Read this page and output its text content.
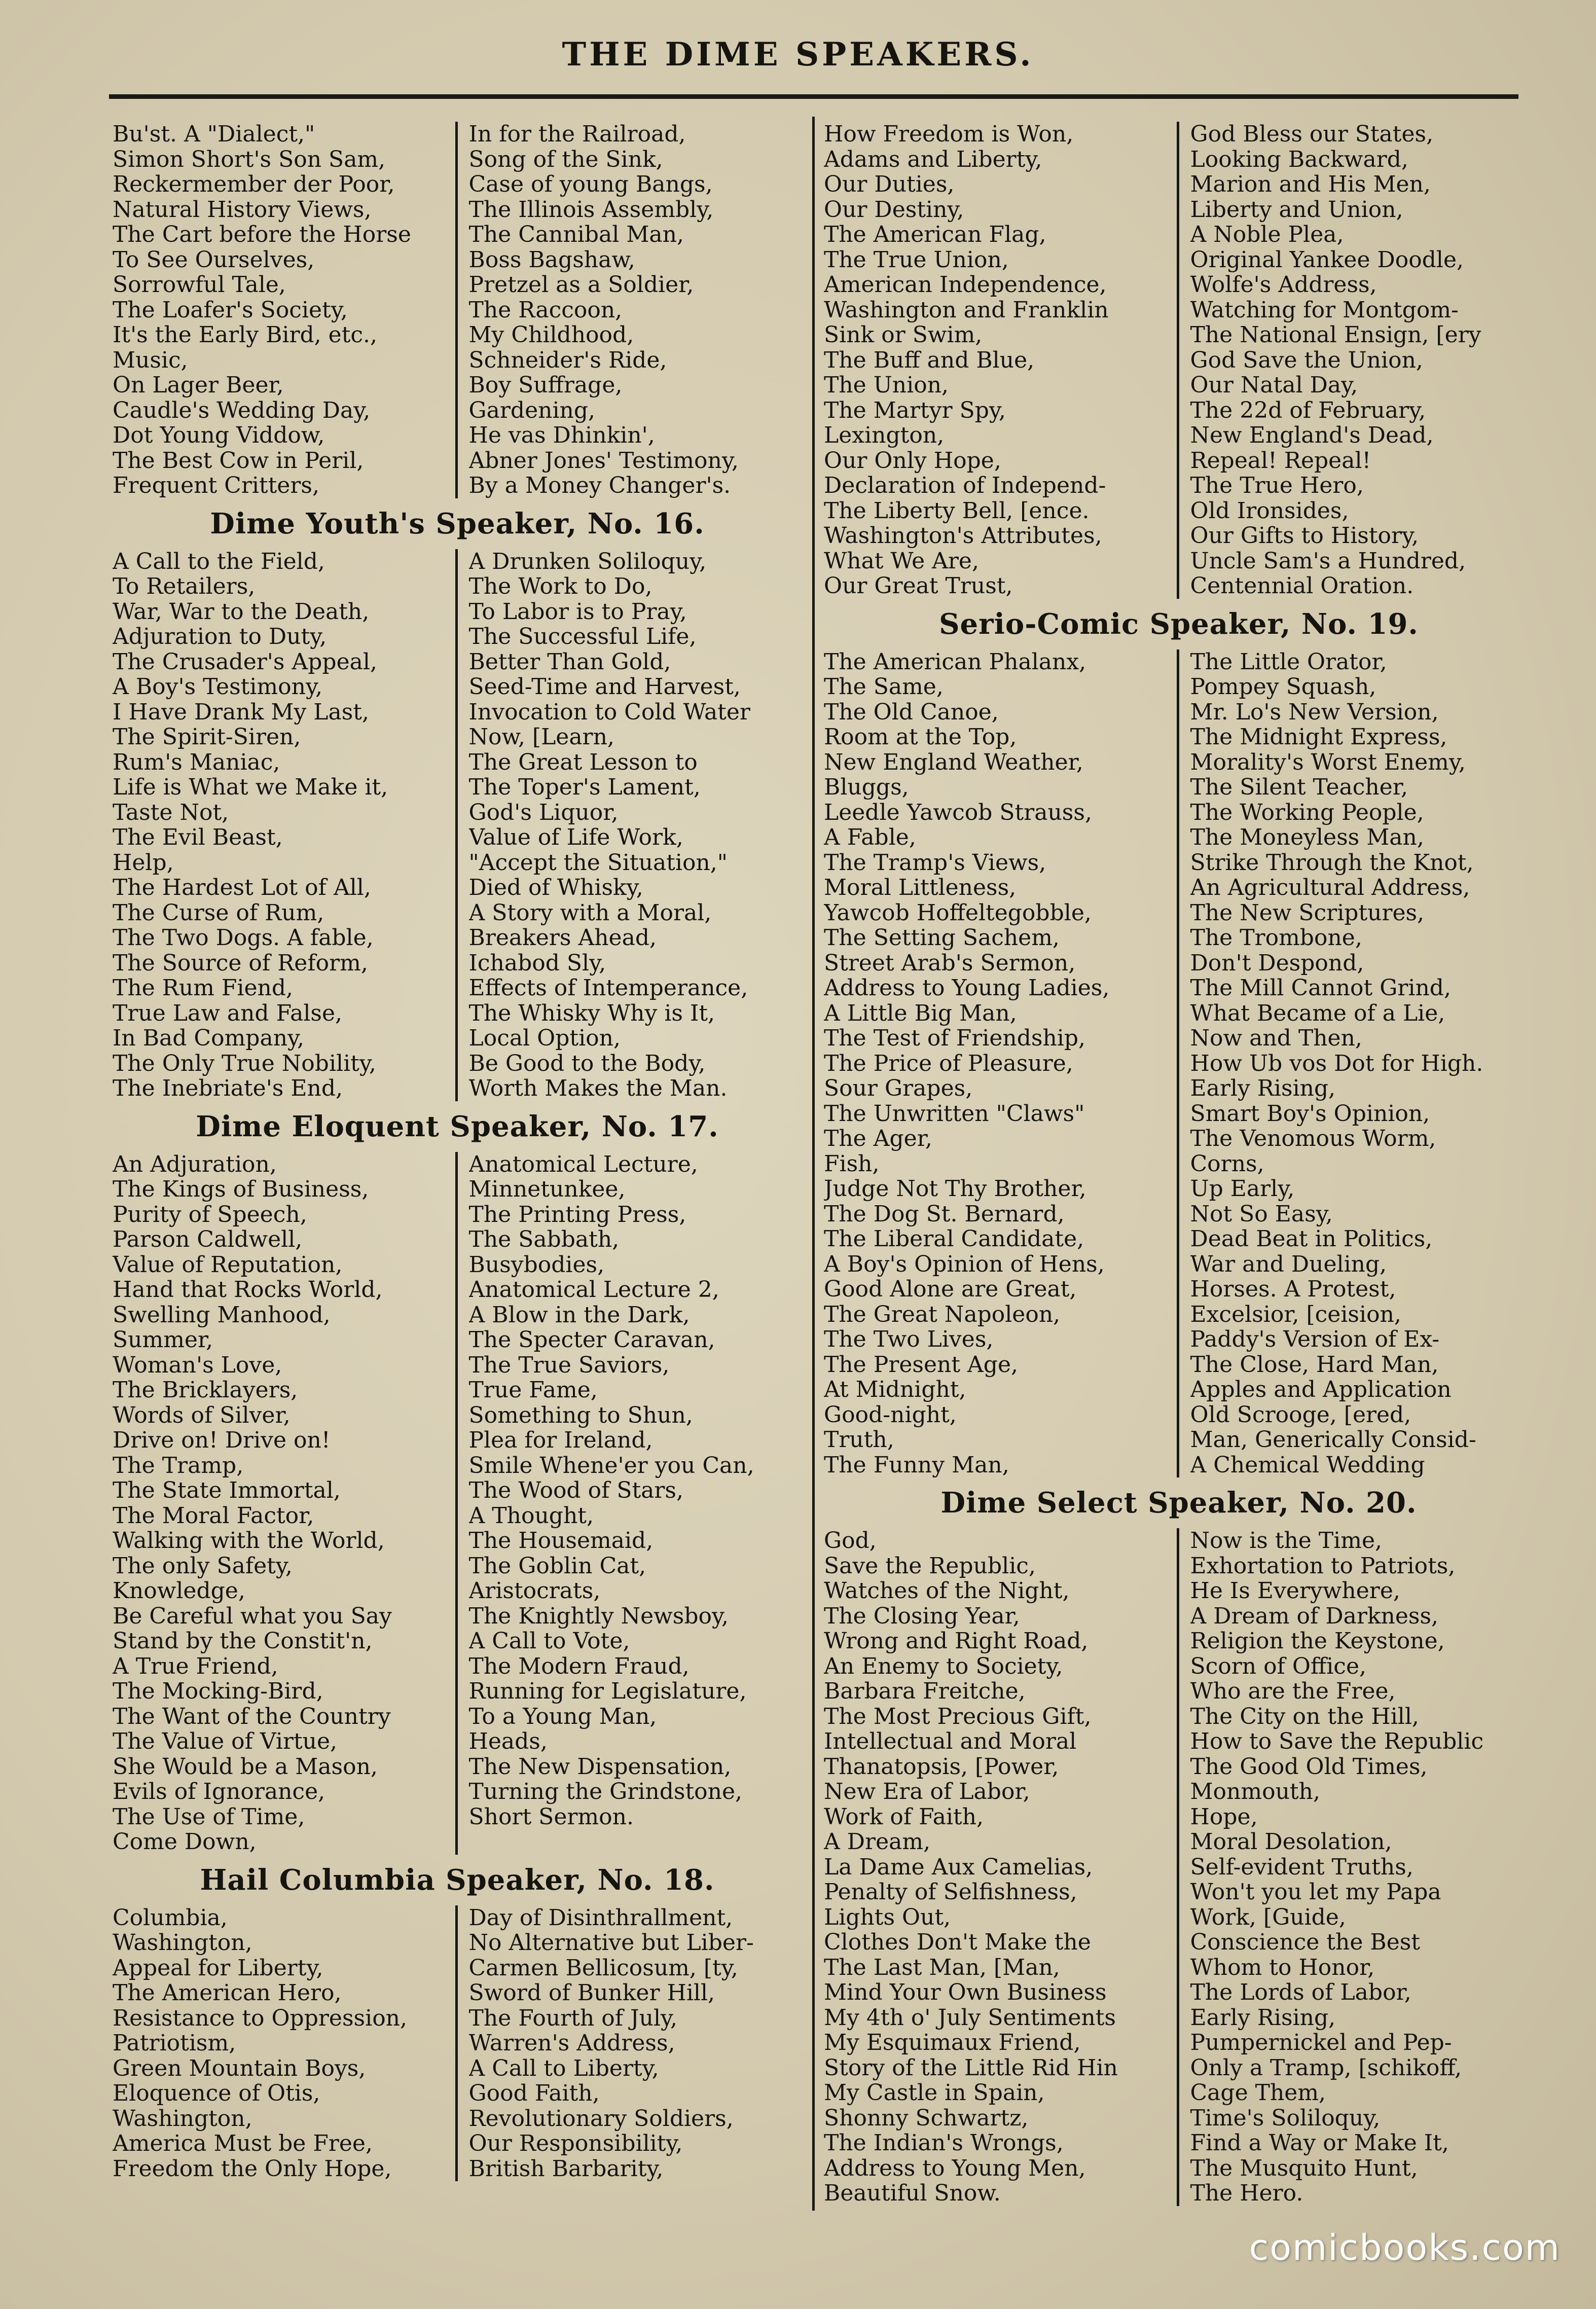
THE DIME SPEAKERS.
Bu'st. A "Dialect,"
Simon Short's Son Sam,
Reckermember der Poor,
Natural History Views,
The Cart before the Horse
To See Ourselves,
Sorrowful Tale,
The Loafer's Society,
It's the Early Bird, etc.,
Music,
On Lager Beer,
Caudle's Wedding Day,
Dot Young Viddow,
The Best Cow in Peril,
Frequent Critters,
In for the Railroad,
Song of the Sink,
Case of young Bangs,
The Illinois Assembly,
The Cannibal Man,
Boss Bagshaw,
Pretzel as a Soldier,
The Raccoon,
My Childhood,
Schneider's Ride,
Boy Suffrage,
Gardening,
He vas Dhinkin',
Abner Jones' Testimony,
By a Money Changer's.
Dime Youth's Speaker, No. 16.
A Call to the Field,
To Retailers,
War, War to the Death,
Adjuration to Duty,
The Crusader's Appeal,
A Boy's Testimony,
I Have Drank My Last,
The Spirit-Siren,
Rum's Maniac,
Life is What we Make it,
Taste Not,
The Evil Beast,
Help,
The Hardest Lot of All,
The Curse of Rum,
The Two Dogs. A fable,
The Source of Reform,
The Rum Fiend,
True Law and False,
In Bad Company,
The Only True Nobility,
The Inebriate's End,
A Drunken Soliloquy,
The Work to Do,
To Labor is to Pray,
The Successful Life,
Better Than Gold,
Seed-Time and Harvest,
Invocation to Cold Water
Now, [Learn,
The Great Lesson to
The Toper's Lament,
God's Liquor,
Value of Life Work,
"Accept the Situation,"
Died of Whisky,
A Story with a Moral,
Breakers Ahead,
Ichabod Sly,
Effects of Intemperance,
The Whisky Why is It,
Local Option,
Be Good to the Body,
Worth Makes the Man.
Dime Eloquent Speaker, No. 17.
An Adjuration,
The Kings of Business,
Purity of Speech,
Parson Caldwell,
Value of Reputation,
Hand that Rocks World,
Swelling Manhood,
Summer,
Woman's Love,
The Bricklayers,
Words of Silver,
Drive on! Drive on!
The Tramp,
The State Immortal,
The Moral Factor,
Walking with the World,
The only Safety,
Knowledge,
Be Careful what you Say
Stand by the Constit'n,
A True Friend,
The Mocking-Bird,
The Want of the Country
The Value of Virtue,
She Would be a Mason,
Evils of Ignorance,
The Use of Time,
Come Down,
Anatomical Lecture,
Minnetunkee,
The Printing Press,
The Sabbath,
Busybodies,
Anatomical Lecture 2,
A Blow in the Dark,
The Specter Caravan,
The True Saviors,
True Fame,
Something to Shun,
Plea for Ireland,
Smile Whene'er you Can,
The Wood of Stars,
A Thought,
The Housemaid,
The Goblin Cat,
Aristocrats,
The Knightly Newsboy,
A Call to Vote,
The Modern Fraud,
Running for Legislature,
To a Young Man,
Heads,
The New Dispensation,
Turning the Grindstone,
Short Sermon.
Hail Columbia Speaker, No. 18.
Columbia,
Washington,
Appeal for Liberty,
The American Hero,
Resistance to Oppression,
Patriotism,
Green Mountain Boys,
Eloquence of Otis,
Washington,
America Must be Free,
Freedom the Only Hope,
Day of Disinthrallment,
No Alternative but Liber-
Carmen Bellicosum, [ty,
Sword of Bunker Hill,
The Fourth of July,
Warren's Address,
A Call to Liberty,
Good Faith,
Revolutionary Soldiers,
Our Responsibility,
British Barbarity,
How Freedom is Won,
Adams and Liberty,
Our Duties,
Our Destiny,
The American Flag,
The True Union,
American Independence,
Washington and Franklin
Sink or Swim,
The Buff and Blue,
The Union,
The Martyr Spy,
Lexington,
Our Only Hope,
Declaration of Independ-
The Liberty Bell, [ence.
Washington's Attributes,
What We Are,
Our Great Trust,
God Bless our States,
Looking Backward,
Marion and His Men,
Liberty and Union,
A Noble Plea,
Original Yankee Doodle,
Wolfe's Address,
Watching for Montgom-
The National Ensign, [ery
God Save the Union,
Our Natal Day,
The 22d of February,
New England's Dead,
Repeal! Repeal!
The True Hero,
Old Ironsides,
Our Gifts to History,
Uncle Sam's a Hundred,
Centennial Oration.
Serio-Comic Speaker, No. 19.
The American Phalanx,
The Same,
The Old Canoe,
Room at the Top,
New England Weather,
Bluggs,
Leedle Yawcob Strauss,
A Fable,
The Tramp's Views,
Moral Littleness,
Yawcob Hoffeltegobble,
The Setting Sachem,
Street Arab's Sermon,
Address to Young Ladies,
A Little Big Man,
The Test of Friendship,
The Price of Pleasure,
Sour Grapes,
The Unwritten "Claws"
The Ager,
Fish,
Judge Not Thy Brother,
The Dog St. Bernard,
The Liberal Candidate,
A Boy's Opinion of Hens,
Good Alone are Great,
The Great Napoleon,
The Two Lives,
The Present Age,
At Midnight,
Good-night,
Truth,
The Funny Man,
The Little Orator,
Pompey Squash,
Mr. Lo's New Version,
The Midnight Express,
Morality's Worst Enemy,
The Silent Teacher,
The Working People,
The Moneyless Man,
Strike Through the Knot,
An Agricultural Address,
The New Scriptures,
The Trombone,
Don't Despond,
The Mill Cannot Grind,
What Became of a Lie,
Now and Then,
How Ub vos Dot for High.
Early Rising,
Smart Boy's Opinion,
The Venomous Worm,
Corns,
Up Early,
Not So Easy,
Dead Beat in Politics,
War and Dueling,
Horses. A Protest,
Excelsior, [ceision,
Paddy's Version of Ex-
The Close, Hard Man,
Apples and Application
Old Scrooge, [ered,
Man, Generically Consid-
A Chemical Wedding
Dime Select Speaker, No. 20.
God,
Save the Republic,
Watches of the Night,
The Closing Year,
Wrong and Right Road,
An Enemy to Society,
Barbara Freitche,
The Most Precious Gift,
Intellectual and Moral
Thanatopsis, [Power,
New Era of Labor,
Work of Faith,
A Dream,
La Dame Aux Camelias,
Penalty of Selfishness,
Lights Out,
Clothes Don't Make the
The Last Man, [Man,
Mind Your Own Business
My 4th o' July Sentiments
My Esquimaux Friend,
Story of the Little Rid Hin
My Castle in Spain,
Shonny Schwartz,
The Indian's Wrongs,
Address to Young Men,
Beautiful Snow.
Now is the Time,
Exhortation to Patriots,
He Is Everywhere,
A Dream of Darkness,
Religion the Keystone,
Scorn of Office,
Who are the Free,
The City on the Hill,
How to Save the Republic
The Good Old Times,
Monmouth,
Hope,
Moral Desolation,
Self-evident Truths,
Won't you let my Papa
Work, [Guide,
Conscience the Best
Whom to Honor,
The Lords of Labor,
Early Rising,
Pumpernickel and Pep-
Only a Tramp, [schikoff,
Cage Them,
Time's Soliloquy,
Find a Way or Make It,
The Musquito Hunt,
The Hero.
comicbooks.com
